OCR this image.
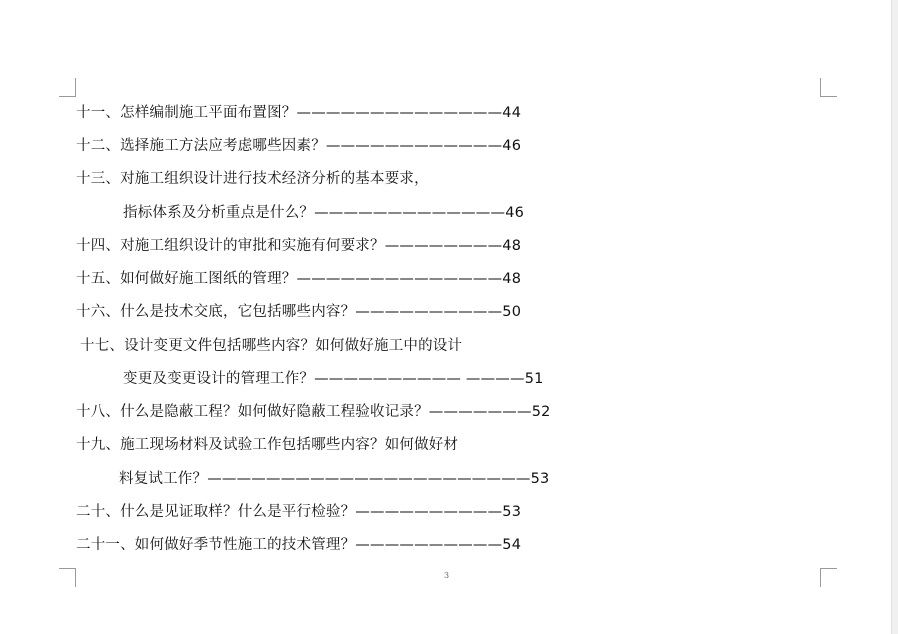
十一、怎样编制施工平面布置图？——————————————44
十二、选择施工方法应考虑哪些因素？————————————46
十三、对施工组织设计进行技术经济分析的基本要求，
指标体系及分析重点是什么？—————————————46
十四、对施工组织设计的审批和实施有何要求？————————48
十五、如何做好施工图纸的管理？——————————————48
十六、什么是技术交底，它包括哪些内容？——————————50
十七、设计变更文件包括哪些内容？如何做好施工中的设计
变更及变更设计的管理工作？—————————— ————51
十八、什么是隐蔽工程？如何做好隐蔽工程验收记录？———————52
十九、施工现场材料及试验工作包括哪些内容？如何做好材
料复试工作？——————————————————————53
二十、什么是见证取样？什么是平行检验？——————————53
二十一、如何做好季节性施工的技术管理？——————————54
3
